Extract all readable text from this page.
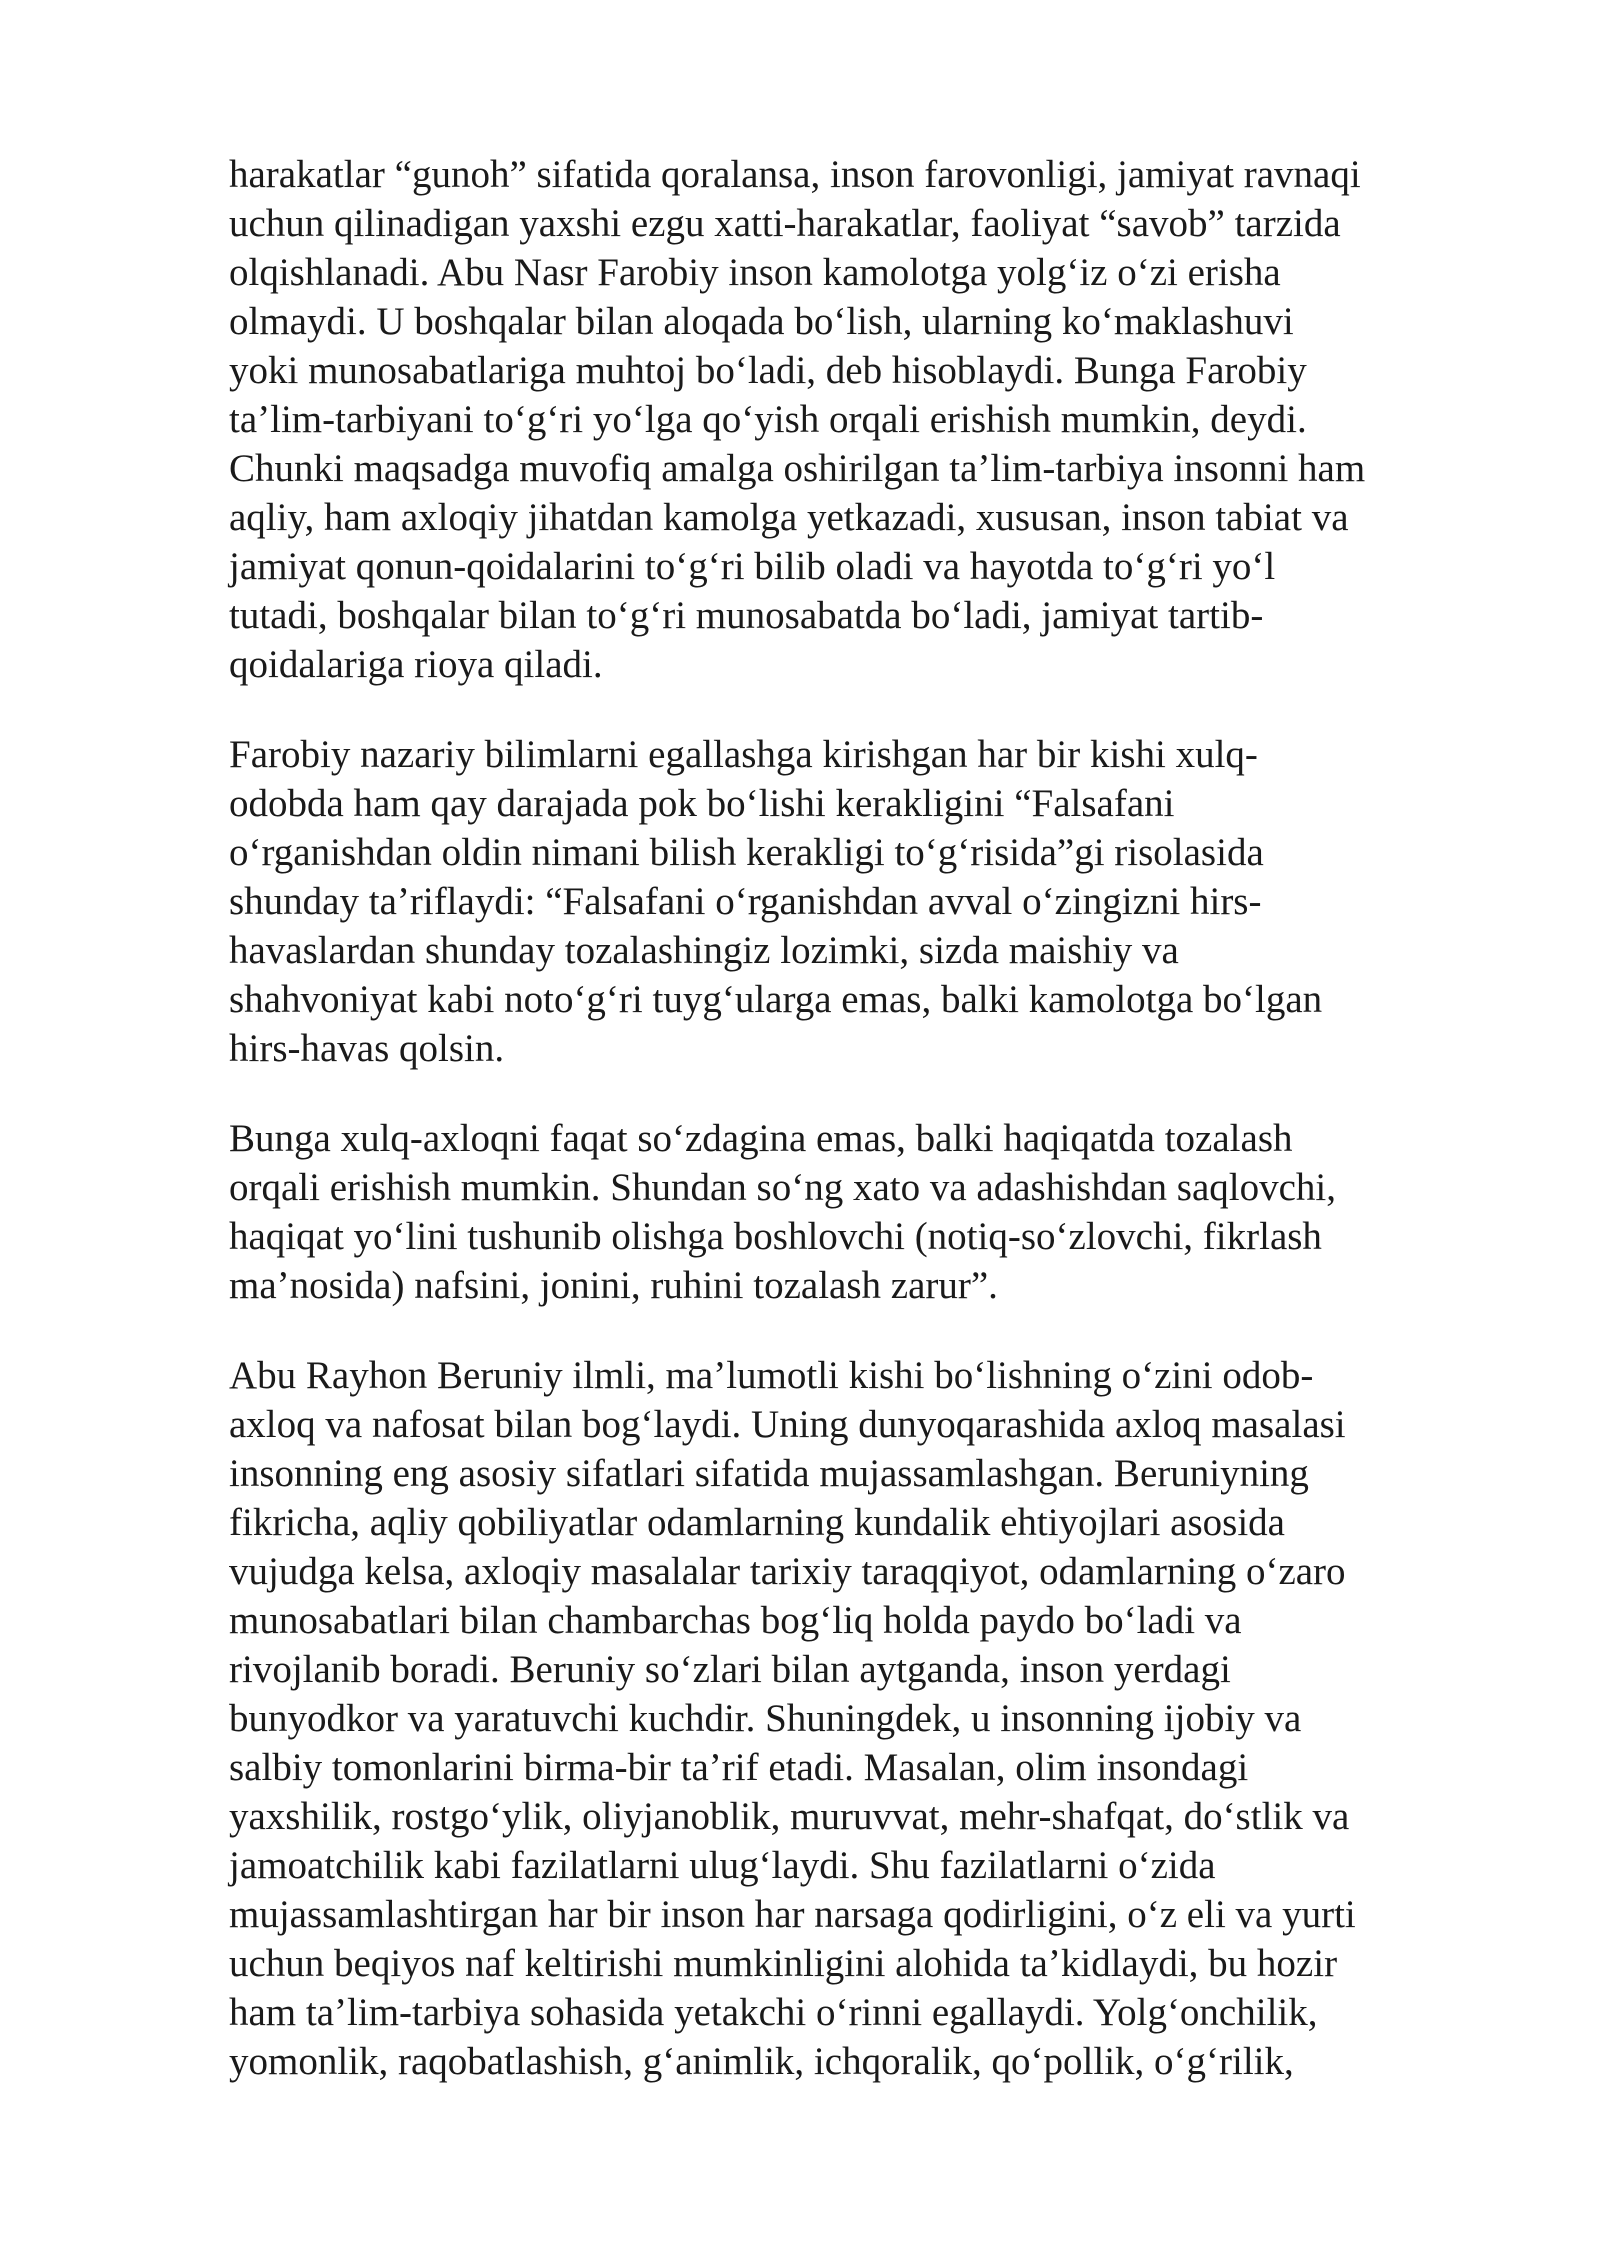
harakatlar “gunoh” sifatida qoralansa, inson farovonligi, jamiyat ravnaqi
uchun qilinadigan yaxshi ezgu xatti-harakatlar, faoliyat “savob” tarzida
olqishlanadi. Abu Nasr Farobiy inson kamolotga yolgʻiz oʻzi erisha
olmaydi. U boshqalar bilan aloqada boʻlish, ularning koʻmaklashuvi
yoki munosabatlariga muhtoj boʻladi, deb hisoblaydi. Bunga Farobiy
taʼlim-tarbiyani toʻgʻri yoʻlga qoʻyish orqali erishish mumkin, deydi.
Chunki maqsadga muvofiq amalga oshirilgan taʼlim-tarbiya insonni ham
aqliy, ham axloqiy jihatdan kamolga yetkazadi, xususan, inson tabiat va
jamiyat qonun-qoidalarini toʻgʻri bilib oladi va hayotda toʻgʻri yoʻl
tutadi, boshqalar bilan toʻgʻri munosabatda boʻladi, jamiyat tartib-
qoidalariga rioya qiladi.

Farobiy nazariy bilimlarni egallashga kirishgan har bir kishi xulq-
odobda ham qay darajada pok boʻlishi kerakligini “Falsafani
oʻrganishdan oldin nimani bilish kerakligi toʻgʻrisida”gi risolasida
shunday taʼriflaydi: “Falsafani oʻrganishdan avval oʻzingizni hirs-
havaslardan shunday tozalashingiz lozimki, sizda maishiy va
shahvoniyat kabi notoʻgʻri tuygʻularga emas, balki kamolotga boʻlgan
hirs-havas qolsin.

Bunga xulq-axloqni faqat soʻzdagina emas, balki haqiqatda tozalash
orqali erishish mumkin. Shundan soʻng xato va adashishdan saqlovchi,
haqiqat yoʻlini tushunib olishga boshlovchi (notiq-soʻzlovchi, fikrlash
maʼnosida) nafsini, jonini, ruhini tozalash zarur”.

Abu Rayhon Beruniy ilmli, maʼlumotli kishi boʻlishning oʻzini odob-
axloq va nafosat bilan bogʻlaydi. Uning dunyoqarashida axloq masalasi
insonning eng asosiy sifatlari sifatida mujassamlashgan. Beruniyning
fikricha, aqliy qobiliyatlar odamlarning kundalik ehtiyojlari asosida
vujudga kelsa, axloqiy masalalar tarixiy taraqqiyot, odamlarning oʻzaro
munosabatlari bilan chambarchas bogʻliq holda paydo boʻladi va
rivojlanib boradi. Beruniy soʻzlari bilan aytganda, inson yerdagi
bunyodkor va yaratuvchi kuchdir. Shuningdek, u insonning ijobiy va
salbiy tomonlarini birma-bir taʼrif etadi. Masalan, olim insondagi
yaxshilik, rostgoʻylik, oliyjanoblik, muruvvat, mehr-shafqat, doʻstlik va
jamoatchilik kabi fazilatlarni ulugʻlaydi. Shu fazilatlarni oʻzida
mujassamlashtirgan har bir inson har narsaga qodirligini, oʻz eli va yurti
uchun beqiyos naf keltirishi mumkinligini alohida taʼkidlaydi, bu hozir
ham taʼlim-tarbiya sohasida yetakchi oʻrinni egallaydi. Yolgʻonchilik,
yomonlik, raqobatlashish, gʻanimlik, ichqoralik, qoʻpollik, oʻgʻrilik,
